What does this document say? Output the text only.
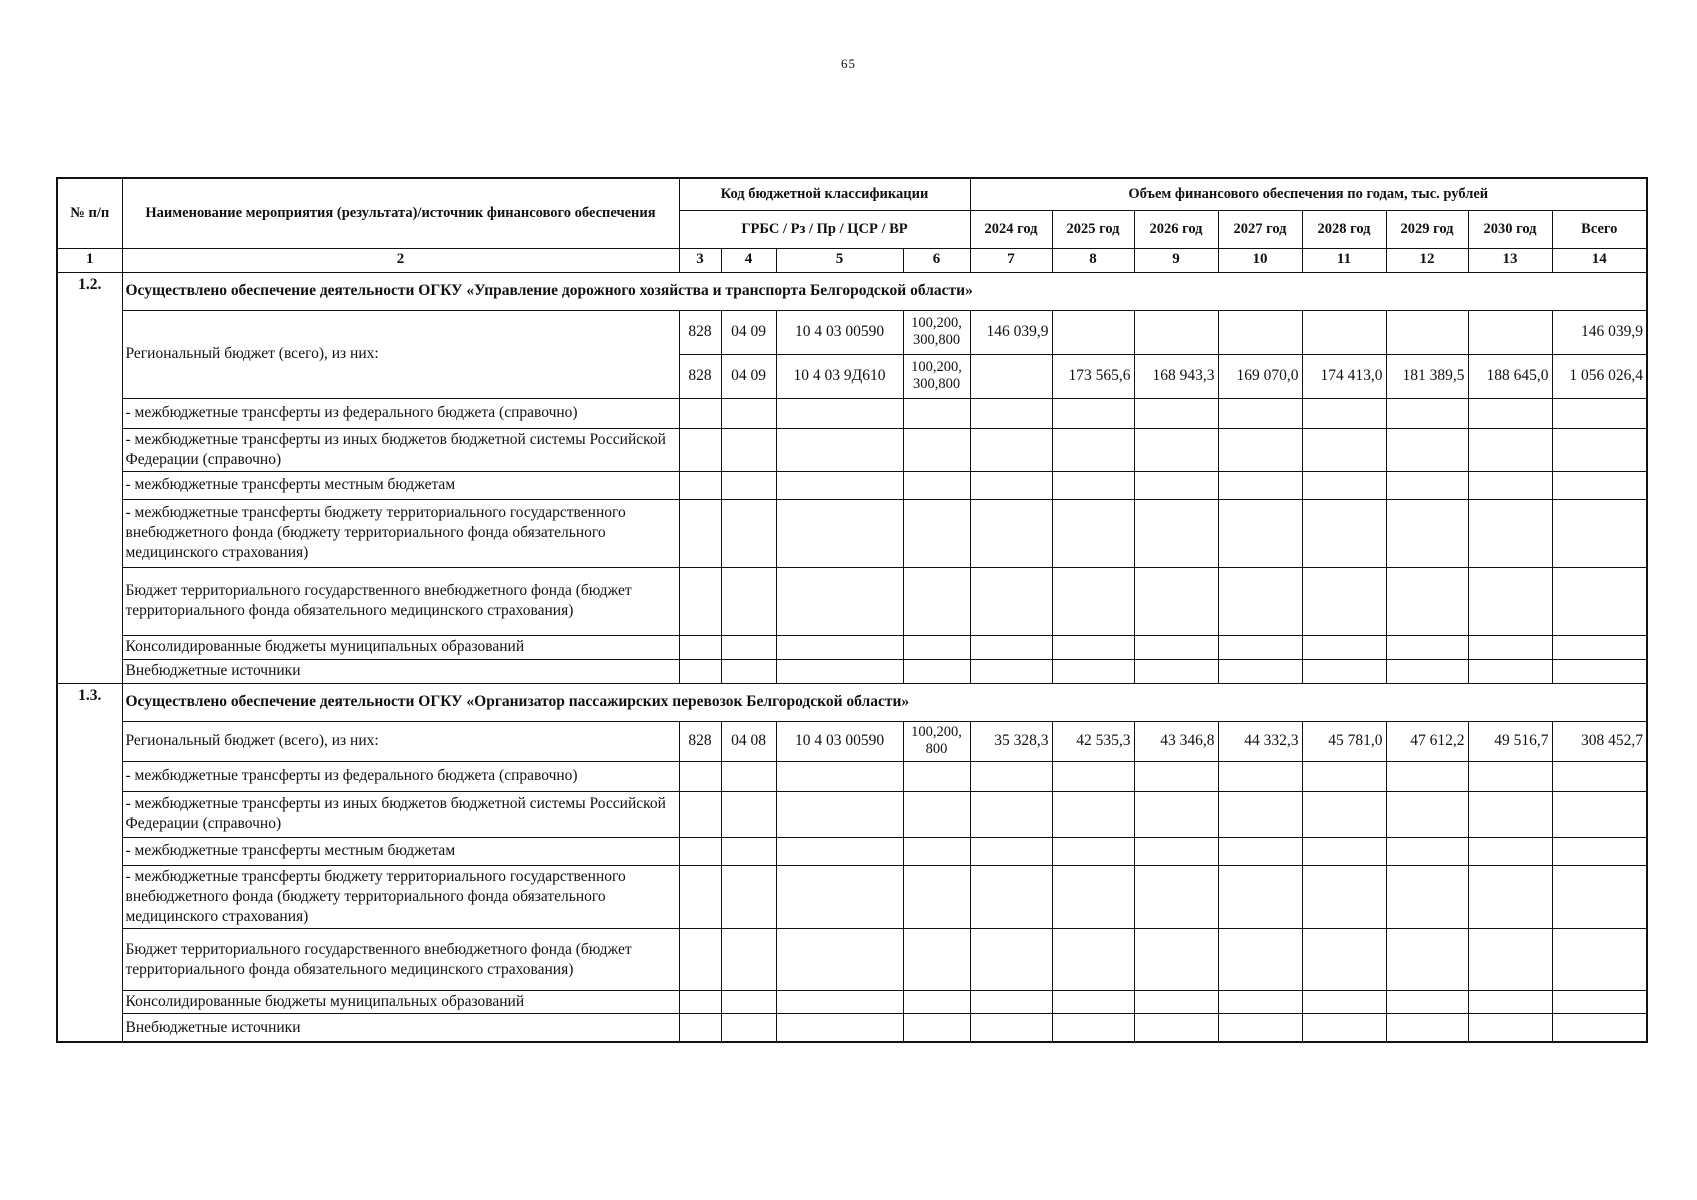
65
№ п/п	Наименование мероприятия (результата)/источник финансового обеспечения	Код бюджетной классификации				Объем финансового обеспечения по годам, тыс. рублей							
		ГРБС / Рз / Пр / ЦСР / ВР				2024 год	2025 год	2026 год	2027 год	2028 год	2029 год	2030 год	Всего
1	2	3	4	5	6	7	8	9	10	11	12	13	14
1.2.	Осуществлено обеспечение деятельности ОГКУ «Управление дорожного хозяйства и транспорта Белгородской области»												
	Региональный бюджет (всего), из них:	828	04 09	10 4 03 00590	100,200, 300,800	146 039,9							146 039,9
		828	04 09	10 4 03 9Д610	100,200, 300,800		173 565,6	168 943,3	169 070,0	174 413,0	181 389,5	188 645,0	1 056 026,4
	- межбюджетные трансферты из федерального бюджета (справочно)												
	- межбюджетные трансферты из иных бюджетов бюджетной системы Российской Федерации (справочно)												
	- межбюджетные трансферты местным бюджетам												
	- межбюджетные трансферты бюджету территориального государственного внебюджетного фонда (бюджету территориального фонда обязательного медицинского страхования)												
	Бюджет территориального государственного внебюджетного фонда (бюджет территориального фонда обязательного медицинского страхования)												
	Консолидированные бюджеты муниципальных образований												
	Внебюджетные источники												
1.3.	Осуществлено обеспечение деятельности ОГКУ «Организатор пассажирских перевозок Белгородской области»												
	Региональный бюджет (всего), из них:	828	04 08	10 4 03 00590	100,200, 800	35 328,3	42 535,3	43 346,8	44 332,3	45 781,0	47 612,2	49 516,7	308 452,7
	- межбюджетные трансферты из федерального бюджета (справочно)												
	- межбюджетные трансферты из иных бюджетов бюджетной системы Российской Федерации (справочно)												
	- межбюджетные трансферты местным бюджетам												
	- межбюджетные трансферты бюджету территориального государственного внебюджетного фонда (бюджету территориального фонда обязательного медицинского страхования)												
	Бюджет территориального государственного внебюджетного фонда (бюджет территориального фонда обязательного медицинского страхования)												
	Консолидированные бюджеты муниципальных образований												
	Внебюджетные источники												
